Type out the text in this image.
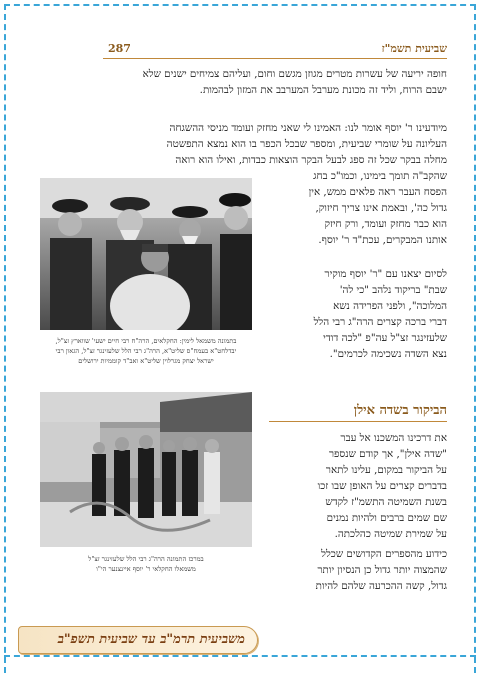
שביעית תשמ"ז
287
חופה יריעה של עשרות מטרים מגוזן מגשם וחום, ועליהם צמיחים ישנים שלא
ישבם הרוח, וליד זה מכונת מערבל המערבב את המזון לבהמות.
מיודעינו ר' יוסף אומר לנו: האמינו לי שאני מחזק ועומד מניסי ההשגחה
העליונה על שומרי שביעית, ומספר שבכל הכפר בו הוא נמצא התפשטה
מחלה בבקר שכל זה ספג לבעל הבקר הוצאות כבדות, ואילו הוא רואה
שהקב"ה תומך בימינו, וכמו"כ בחג
הפסח העבר ראה פלאים ממש, אין
גדול כה', ובאמת אינו צריך חיזוק,
הוא כבר מחזק ועומד, ורק חיזק
אותנו המבקרים, עכת"ד ר' יוסף.
לסיום יצאנו עם "ר' יוסף מוקיר
שבת" בריקוד נלהב "כי לה'
המלוכה", ולפני הפרידה נשא
דברי ברכה קצרים הרה"ג רבי הלל
שלעזינגר זצ"ל עה"פ "לכה דודי
נצא השדה נשכימה לכרמים".
הביקור בשדה אילן
את דרכינו המשכנו אל עבר
"שדה אילן", אך קודם שנספר
על הביקור במקום, עלינו לתאר
בדברים קצרים על האופן שבו זכו
בשנת השמיטה התשמ"ז לקדש
שם שמים ברבים ולהיות נמנים
על שמירת שמיטה כהלכתה.
כידוע מהספרים הקדושים שכלל
שהמצוה יותר גדול כן הנסיון יותר
גדול, קשה ההכרעה שלהם להיות
בתמונה משמאל לימין: החקלאים, הרה"ח רבי חיים ישעי' שווארץ זצ"ל,
יבדלחט"א בעמח"ס שליט"א, הרה"ג רבי הלל שלעזינגר זצ"ל, הגאון רבי
ישראל יצחק מגרלוין שליט"א ואב"ד קוממיות ירושלים
במרכז התמונה הרה"ג רבי הלל שלעזינגר זצ"ל
משמאלו החקלאי ר' יוסף איינצנער הי"ו
משביעית תרמ"ב עד שביעית תשפ"ב
